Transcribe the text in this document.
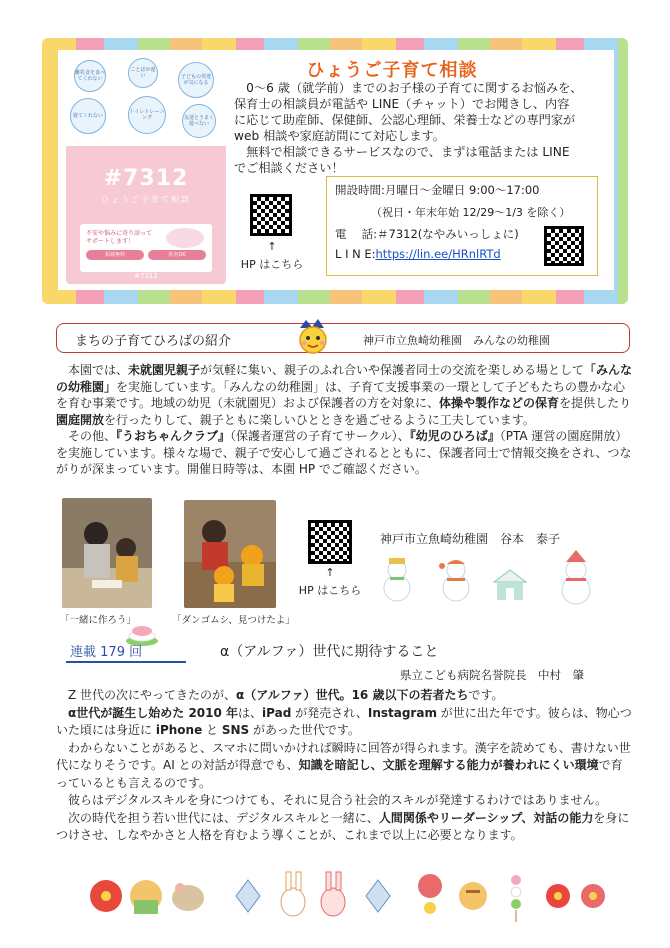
離乳食を食べてくれない
ことばが遅い	子どもの発達が気になる
寝てくれない
トイレトレーニング	友達とうまく遊べない
#7312
ひょうご子育て相談
不安や悩みに寄り添ってサポートします！
相談無料	匿名OK
#7312
ひょうご子育て相談
　0～6 歳（就学前）までのお子様の子育てに関するお悩みを、
保育士の相談員が電話や LINE（チャット）でお聞きし、内容
に応じて助産師、保健師、公認心理師、栄養士などの専門家が
web 相談や家庭訪問にて対応します。
　無料で相談できるサービスなので、まずは電話または LINE
でご相談ください！
↑
HP はこちら
開設時間:月曜日～金曜日 9:00～17:00
（祝日・年末年始 12/29～1/3 を除く）
電　 話:＃7312(なやみいっしょに)
L I N E:https://lin.ee/HRnlRTd
まちの子育てひろばの紹介	神戸市立魚崎幼稚園　みんなの幼稚園

　本園では、未就園児親子が気軽に集い、親子のふれ合いや保護者同士の交流を楽しめる場として「みんなの幼稚園」を実施しています。「みんなの幼稚園」は、子育て支援事業の一環として子どもたちの豊かな心を育む事業です。地域の幼児（未就園児）および保護者の方を対象に、体操や製作などの保育を提供したり園庭開放を行ったりして、親子ともに楽しいひとときを過ごせるように工夫しています。

　その他、『うおちゃんクラブ』（保護者運営の子育てサークル）、『幼児のひろば』（PTA 運営の園庭開放）を実施しています。様々な場で、親子で安心して過ごされるとともに、保護者同士で情報交換をされ、つながりが深まっています。開催日時等は、本園 HP でご確認ください。

「一緒に作ろう」	「ダンゴムシ、見つけたよ」
↑
HP はこちら
神戸市立魚崎幼稚園　谷本　泰子
連載 179 回	α（アルファ）世代に期待すること
県立こども病院名誉院長　中村　肇

　Z 世代の次にやってきたのが、α（アルファ）世代。16 歳以下の若者たちです。

　α世代が誕生し始めた 2010 年は、iPad が発売され、Instagram が世に出た年です。彼らは、物心ついた頃には身近に iPhone と SNS があった世代です。

　わからないことがあると、スマホに問いかければ瞬時に回答が得られます。漢字を読めても、書けない世代になりそうです。AI との対話が得意でも、知識を暗記し、文脈を理解する能力が養われにくい環境で育っているとも言えるのです。

　彼らはデジタルスキルを身につけても、それに見合う社会的スキルが発達するわけではありません。

　次の時代を担う若い世代には、デジタルスキルと一緒に、人間関係やリーダーシップ、対話の能力を身につけさせ、しなやかさと人格を育むよう導くことが、これまで以上に必要となります。
